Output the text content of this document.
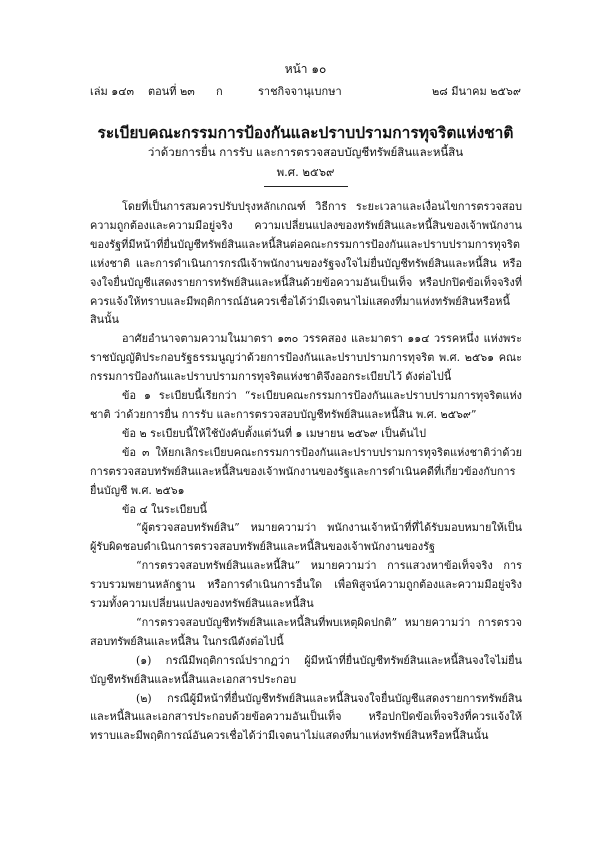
หน้า ๑๐
เล่ม ๑๔๓ ตอนที่ ๒๓ ก	ราชกิจจานุเบกษา	๒๘ มีนาคม ๒๕๖๙
ระเบียบคณะกรรมการป้องกันและปราบปรามการทุจริตแห่งชาติ
ว่าด้วยการยื่น การรับ และการตรวจสอบบัญชีทรัพย์สินและหนี้สิน
พ.ศ. ๒๕๖๙

โดยที่เป็นการสมควรปรับปรุงหลักเกณฑ์ วิธีการ ระยะเวลาและเงื่อนไขการตรวจสอบความถูกต้องและความมีอยู่จริง ความเปลี่ยนแปลงของทรัพย์สินและหนี้สินของเจ้าพนักงานของรัฐที่มีหน้าที่ยื่นบัญชีทรัพย์สินและหนี้สินต่อคณะกรรมการป้องกันและปราบปรามการทุจริตแห่งชาติ และการดำเนินการกรณีเจ้าพนักงานของรัฐจงใจไม่ยื่นบัญชีทรัพย์สินและหนี้สิน หรือจงใจยื่นบัญชีแสดงรายการทรัพย์สินและหนี้สินด้วยข้อความอันเป็นเท็จ หรือปกปิดข้อเท็จจริงที่ควรแจ้งให้ทราบและมีพฤติการณ์อันควรเชื่อได้ว่ามีเจตนาไม่แสดงที่มาแห่งทรัพย์สินหรือหนี้สินนั้น

อาศัยอำนาจตามความในมาตรา ๑๓๐ วรรคสอง และมาตรา ๑๑๔ วรรคหนึ่ง แห่งพระราชบัญญัติประกอบรัฐธรรมนูญว่าด้วยการป้องกันและปราบปรามการทุจริต พ.ศ. ๒๕๖๑ คณะกรรมการป้องกันและปราบปรามการทุจริตแห่งชาติจึงออกระเบียบไว้ ดังต่อไปนี้

ข้อ ๑ ระเบียบนี้เรียกว่า “ระเบียบคณะกรรมการป้องกันและปราบปรามการทุจริตแห่งชาติ ว่าด้วยการยื่น การรับ และการตรวจสอบบัญชีทรัพย์สินและหนี้สิน พ.ศ. ๒๕๖๙”

ข้อ ๒ ระเบียบนี้ให้ใช้บังคับตั้งแต่วันที่ ๑ เมษายน ๒๕๖๙ เป็นต้นไป

ข้อ ๓ ให้ยกเลิกระเบียบคณะกรรมการป้องกันและปราบปรามการทุจริตแห่งชาติว่าด้วยการตรวจสอบทรัพย์สินและหนี้สินของเจ้าพนักงานของรัฐและการดำเนินคดีที่เกี่ยวข้องกับการยื่นบัญชี พ.ศ. ๒๕๖๑

ข้อ ๔ ในระเบียบนี้

“ผู้ตรวจสอบทรัพย์สิน” หมายความว่า พนักงานเจ้าหน้าที่ที่ได้รับมอบหมายให้เป็นผู้รับผิดชอบดำเนินการตรวจสอบทรัพย์สินและหนี้สินของเจ้าพนักงานของรัฐ

“การตรวจสอบทรัพย์สินและหนี้สิน” หมายความว่า การแสวงหาข้อเท็จจริง การรวบรวมพยานหลักฐาน หรือการดำเนินการอื่นใด เพื่อพิสูจน์ความถูกต้องและความมีอยู่จริง รวมทั้งความเปลี่ยนแปลงของทรัพย์สินและหนี้สิน

“การตรวจสอบบัญชีทรัพย์สินและหนี้สินที่พบเหตุผิดปกติ” หมายความว่า การตรวจสอบทรัพย์สินและหนี้สิน ในกรณีดังต่อไปนี้

(๑) กรณีมีพฤติการณ์ปรากฏว่า ผู้มีหน้าที่ยื่นบัญชีทรัพย์สินและหนี้สินจงใจไม่ยื่นบัญชีทรัพย์สินและหนี้สินและเอกสารประกอบ

(๒) กรณีผู้มีหน้าที่ยื่นบัญชีทรัพย์สินและหนี้สินจงใจยื่นบัญชีแสดงรายการทรัพย์สินและหนี้สินและเอกสารประกอบด้วยข้อความอันเป็นเท็จ หรือปกปิดข้อเท็จจริงที่ควรแจ้งให้ทราบและมีพฤติการณ์อันควรเชื่อได้ว่ามีเจตนาไม่แสดงที่มาแห่งทรัพย์สินหรือหนี้สินนั้น
